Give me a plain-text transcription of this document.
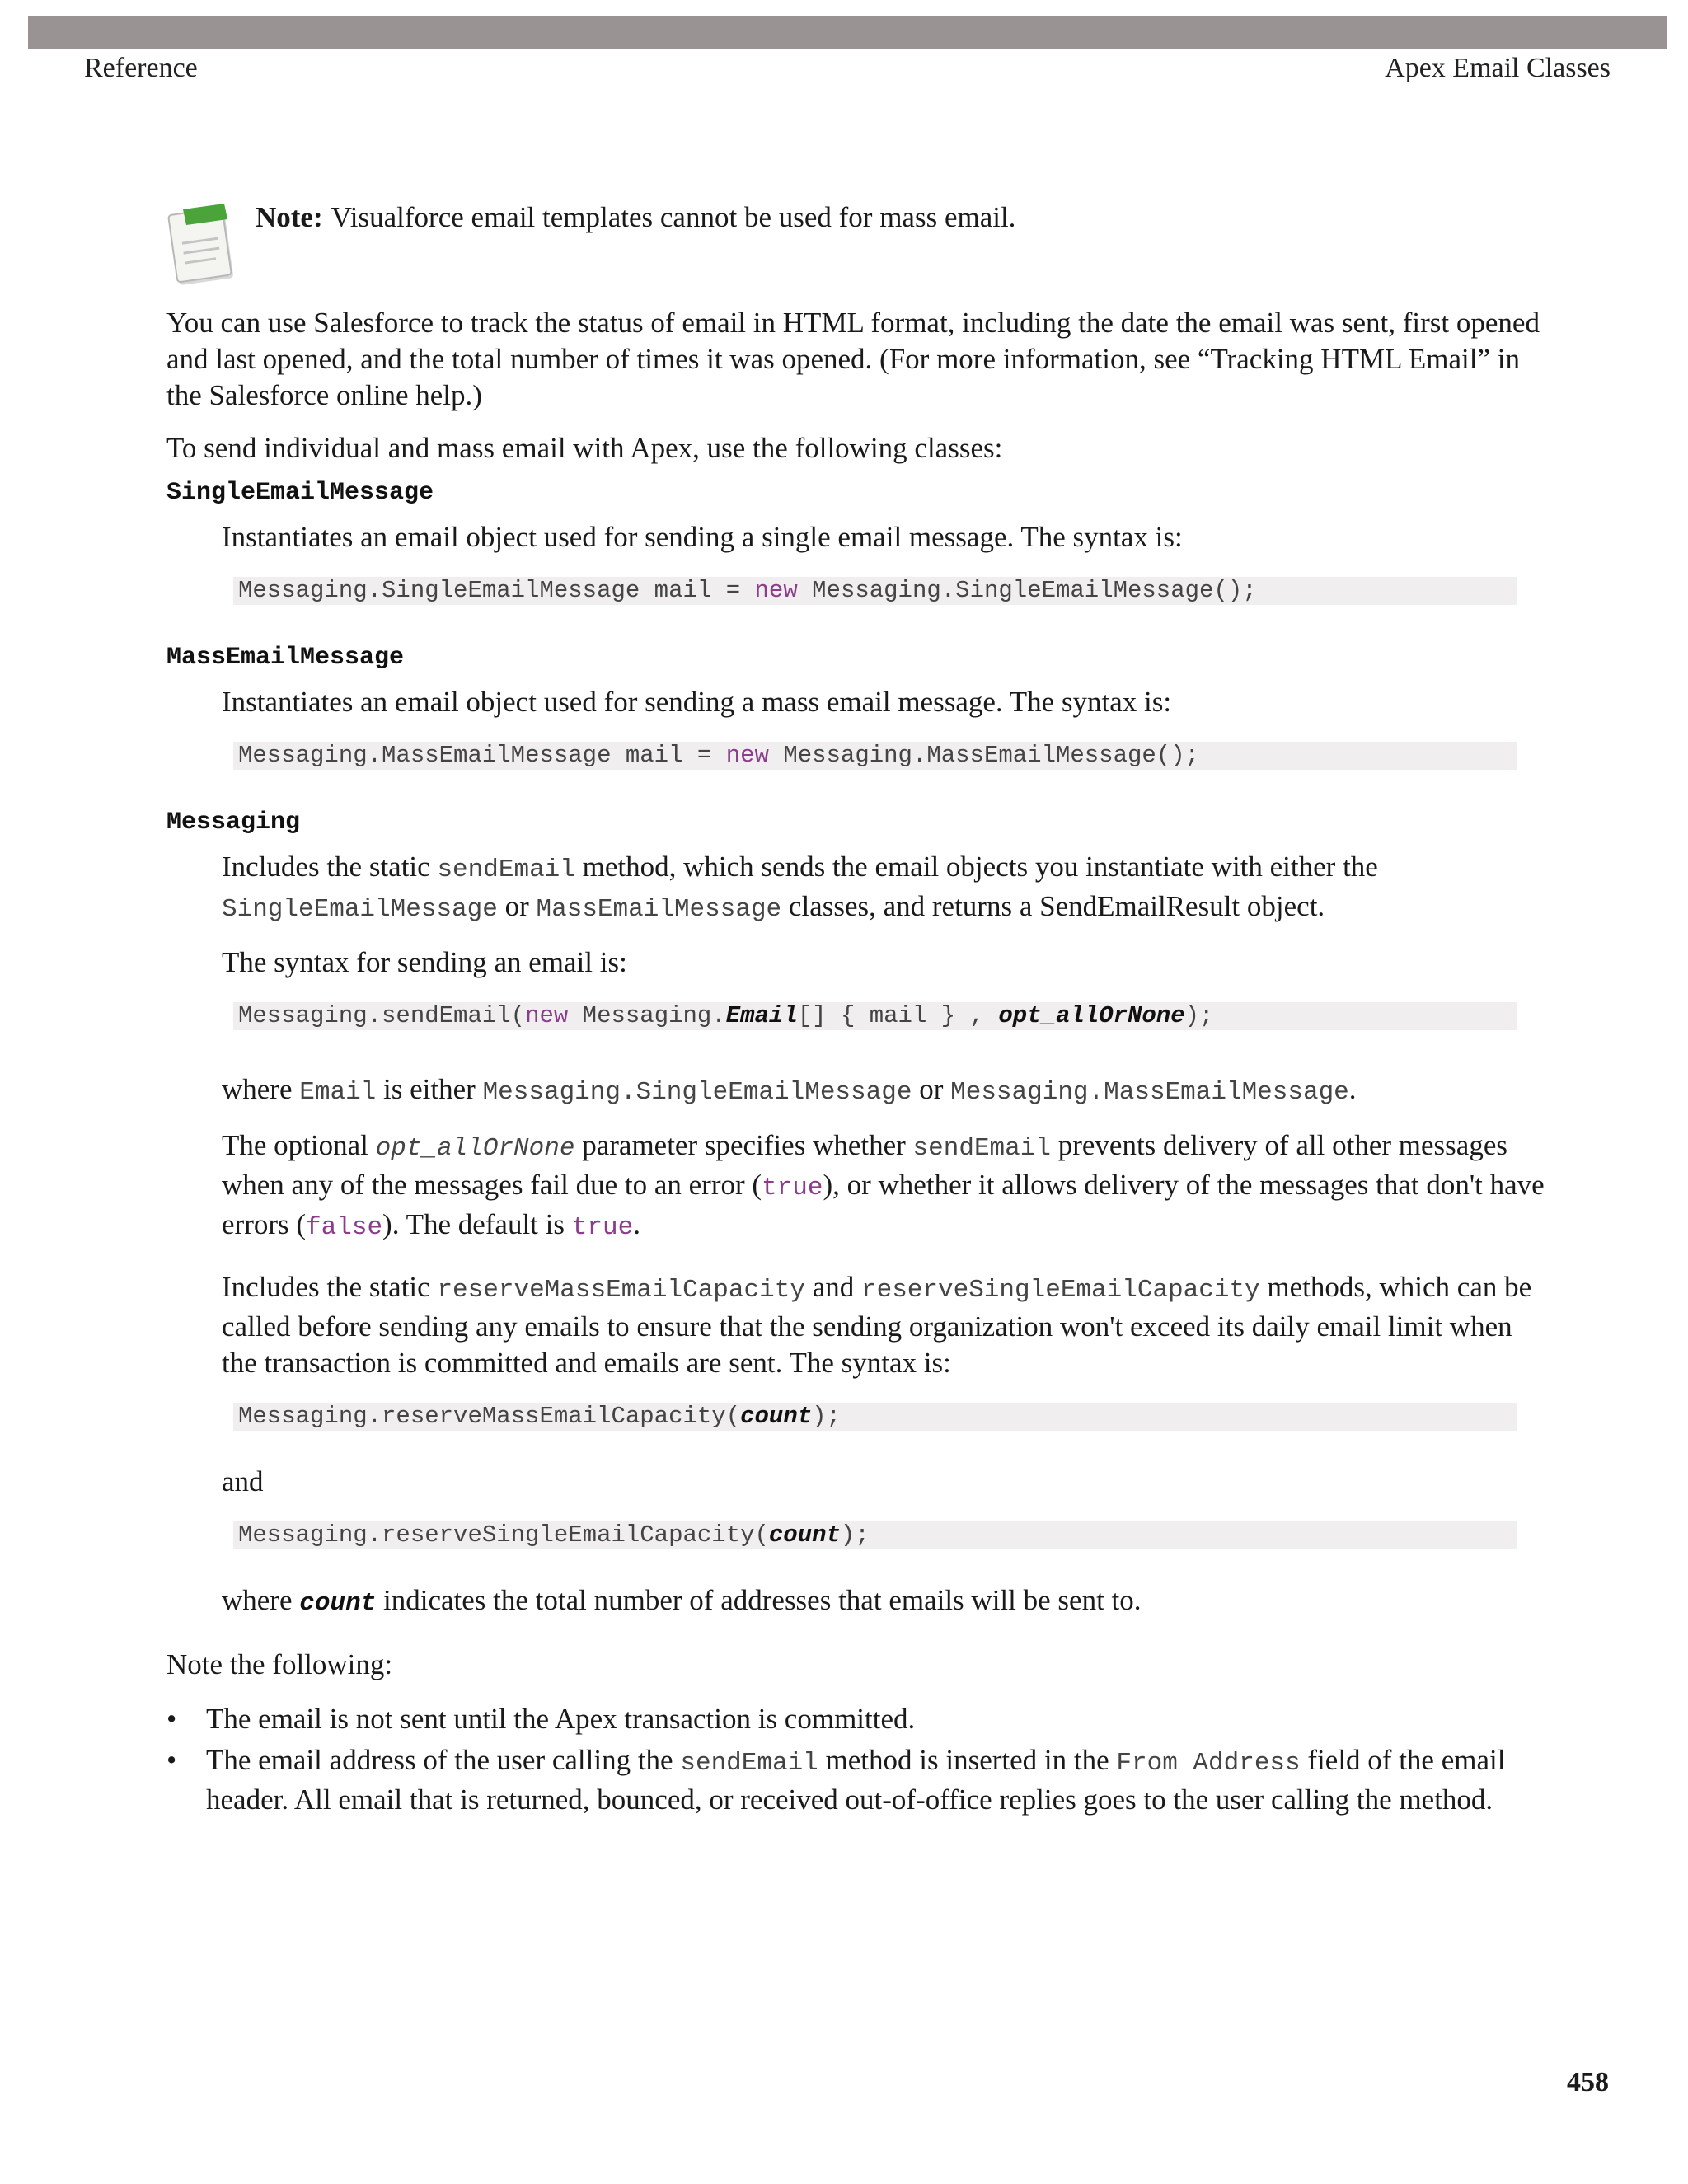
Reference	Apex Email Classes
Note: Visualforce email templates cannot be used for mass email.

You can use Salesforce to track the status of email in HTML format, including the date the email was sent, first opened and last opened, and the total number of times it was opened. (For more information, see “Tracking HTML Email” in the Salesforce online help.)

To send individual and mass email with Apex, use the following classes:

SingleEmailMessage

Instantiates an email object used for sending a single email message. The syntax is:

Messaging.SingleEmailMessage mail = new Messaging.SingleEmailMessage();
MassEmailMessage

Instantiates an email object used for sending a mass email message. The syntax is:

Messaging.MassEmailMessage mail = new Messaging.MassEmailMessage();
Messaging

Includes the static sendEmail method, which sends the email objects you instantiate with either the SingleEmailMessage or MassEmailMessage classes, and returns a SendEmailResult object.

The syntax for sending an email is:

Messaging.sendEmail(new Messaging.Email[] { mail } , opt_allOrNone);

where Email is either Messaging.SingleEmailMessage or Messaging.MassEmailMessage.

The optional opt_allOrNone parameter specifies whether sendEmail prevents delivery of all other messages when any of the messages fail due to an error (true), or whether it allows delivery of the messages that don't have errors (false). The default is true.

Includes the static reserveMassEmailCapacity and reserveSingleEmailCapacity methods, which can be called before sending any emails to ensure that the sending organization won't exceed its daily email limit when the transaction is committed and emails are sent. The syntax is:

Messaging.reserveMassEmailCapacity(count);

and

Messaging.reserveSingleEmailCapacity(count);

where count indicates the total number of addresses that emails will be sent to.

Note the following:

• The email is not sent until the Apex transaction is committed.
• The email address of the user calling the sendEmail method is inserted in the From Address field of the email header. All email that is returned, bounced, or received out-of-office replies goes to the user calling the method.
458
